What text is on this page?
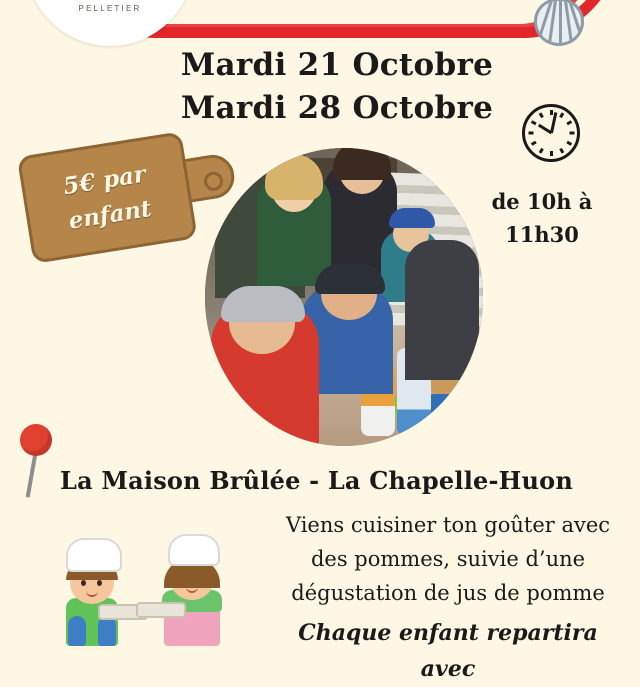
PELLETIER
Mardi 21 Octobre
Mardi 28 Octobre
5€ par
enfant	de 10h à
11h30
La Maison Brûlée - La Chapelle-Huon
Viens cuisiner ton goûter avec
des pommes, suivie d’une
dégustation de jus de pomme
Chaque enfant repartira avec
